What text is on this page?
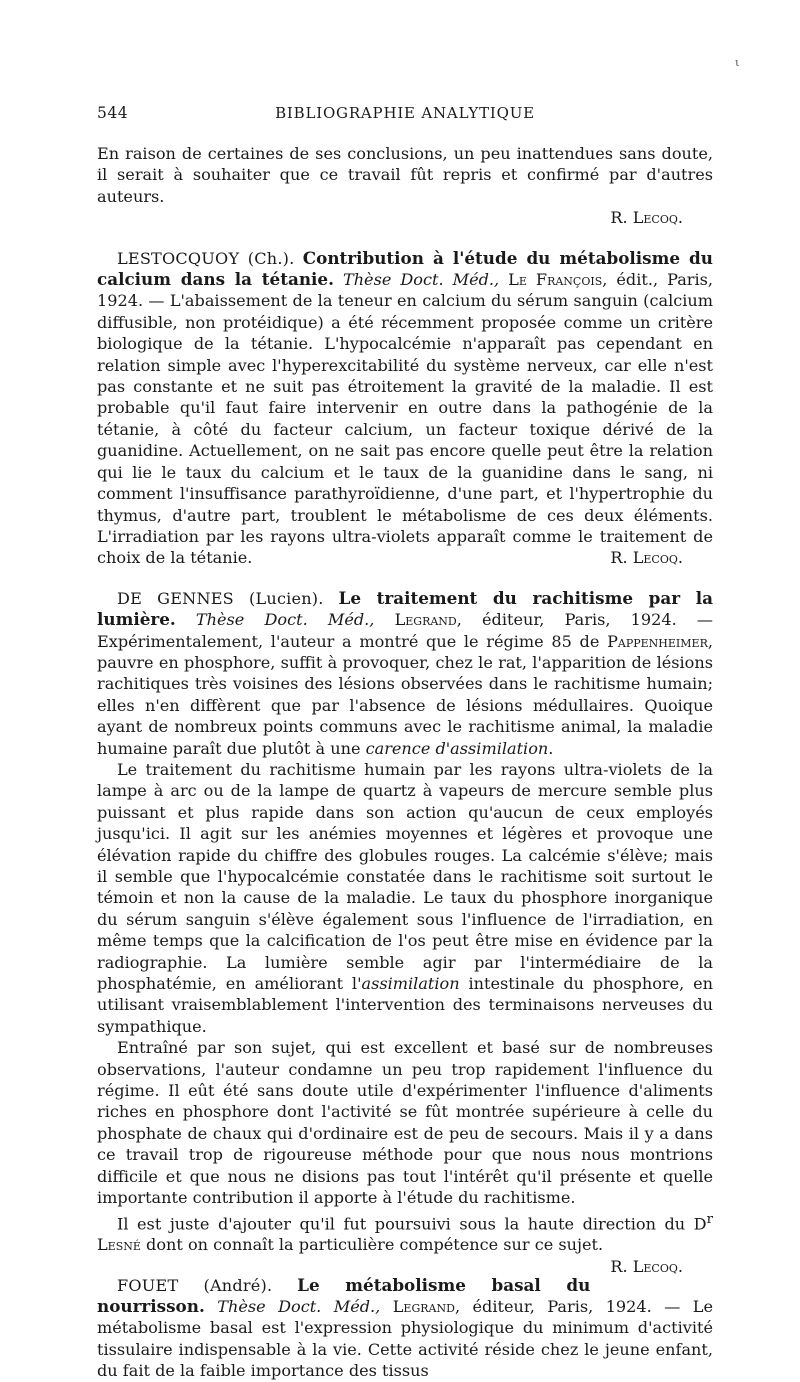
ι
544	BIBLIOGRAPHIE ANALYTIQUE

En raison de certaines de ses conclusions, un peu inattendues sans doute, il serait à souhaiter que ce travail fût repris et confirmé par d'autres auteurs.

R. Lecoq.

LESTOCQUOY (Ch.). Contribution à l'étude du métabolisme du calcium dans la tétanie. Thèse Doct. Méd., Le François, édit., Paris, 1924. — L'abaissement de la teneur en calcium du sérum sanguin (calcium diffusible, non protéidique) a été récemment proposée comme un critère biologique de la tétanie. L'hypocalcémie n'apparaît pas cependant en relation simple avec l'hyperexcitabilité du système nerveux, car elle n'est pas constante et ne suit pas étroitement la gravité de la maladie. Il est probable qu'il faut faire intervenir en outre dans la pathogénie de la tétanie, à côté du facteur calcium, un facteur toxique dérivé de la guanidine. Actuellement, on ne sait pas encore quelle peut être la relation qui lie le taux du calcium et le taux de la guanidine dans le sang, ni comment l'insuffisance parathyroïdienne, d'une part, et l'hypertrophie du thymus, d'autre part, troublent le métabolisme de ces deux éléments. L'irradiation par les rayons ultra-violets apparaît comme le traitement de choix de la tétanie.	R. Lecoq.

DE GENNES (Lucien). Le traitement du rachitisme par la lumière. Thèse Doct. Méd., Legrand, éditeur, Paris, 1924. — Expérimentalement, l'auteur a montré que le régime 85 de Pappenheimer, pauvre en phosphore, suffit à provoquer, chez le rat, l'apparition de lésions rachitiques très voisines des lésions observées dans le rachitisme humain; elles n'en diffèrent que par l'absence de lésions médullaires. Quoique ayant de nombreux points communs avec le rachitisme animal, la maladie humaine paraît due plutôt à une carence d'assimilation.

Le traitement du rachitisme humain par les rayons ultra-violets de la lampe à arc ou de la lampe de quartz à vapeurs de mercure semble plus puissant et plus rapide dans son action qu'aucun de ceux employés jusqu'ici. Il agit sur les anémies moyennes et légères et provoque une élévation rapide du chiffre des globules rouges. La calcémie s'élève; mais il semble que l'hypocalcémie constatée dans le rachitisme soit surtout le témoin et non la cause de la maladie. Le taux du phosphore inorganique du sérum sanguin s'élève également sous l'influence de l'irradiation, en même temps que la calcification de l'os peut être mise en évidence par la radiographie. La lumière semble agir par l'intermédiaire de la phosphatémie, en améliorant l'assimilation intestinale du phosphore, en utilisant vraisemblablement l'intervention des terminaisons nerveuses du sympathique.

Entraîné par son sujet, qui est excellent et basé sur de nombreuses observations, l'auteur condamne un peu trop rapidement l'influence du régime. Il eût été sans doute utile d'expérimenter l'influence d'aliments riches en phosphore dont l'activité se fût montrée supérieure à celle du phosphate de chaux qui d'ordinaire est de peu de secours. Mais il y a dans ce travail trop de rigoureuse méthode pour que nous nous montrions difficile et que nous ne disions pas tout l'intérêt qu'il présente et quelle importante contribution il apporte à l'étude du rachitisme.

Il est juste d'ajouter qu'il fut poursuivi sous la haute direction du $D^r$ Lesné dont on connaît la particulière compétence sur ce sujet.
R. Lecoq.

FOUET (André). Le métabolisme basal du nourrisson. Thèse Doct. Méd., Legrand, éditeur, Paris, 1924. — Le métabolisme basal est l'expression physiologique du minimum d'activité tissulaire indispensable à la vie. Cette activité réside chez le jeune enfant, du fait de la faible importance des tissus
